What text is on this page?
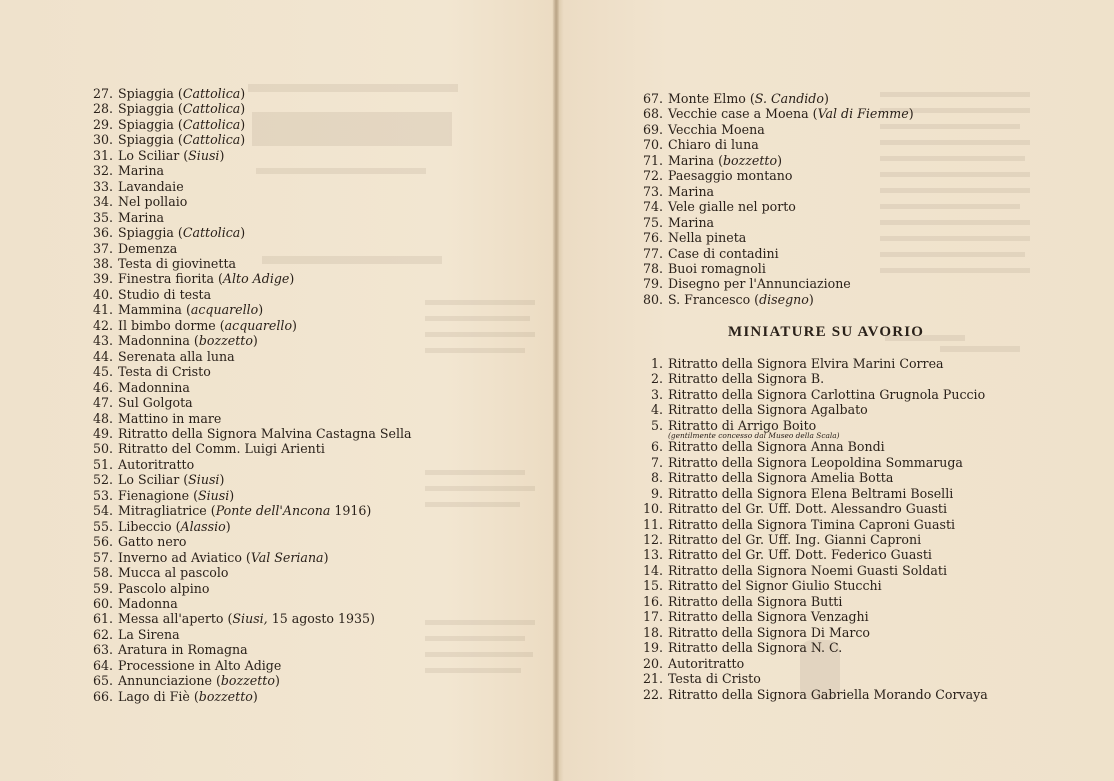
27. Spiaggia (Cattolica)
28. Spiaggia (Cattolica)
29. Spiaggia (Cattolica)
30. Spiaggia (Cattolica)
31. Lo Sciliar (Siusi)
32. Marina
33. Lavandaie
34. Nel pollaio
35. Marina
36. Spiaggia (Cattolica)
37. Demenza
38. Testa di giovinetta
39. Finestra fiorita (Alto Adige)
40. Studio di testa
41. Mammina (acquarello)
42. Il bimbo dorme (acquarello)
43. Madonnina (bozzetto)
44. Serenata alla luna
45. Testa di Cristo
46. Madonnina
47. Sul Golgota
48. Mattino in mare
49. Ritratto della Signora Malvina Castagna Sella
50. Ritratto del Comm. Luigi Arienti
51. Autoritratto
52. Lo Sciliar (Siusi)
53. Fienagione (Siusi)
54. Mitragliatrice (Ponte dell'Ancona 1916)
55. Libeccio (Alassio)
56. Gatto nero
57. Inverno ad Aviatico (Val Seriana)
58. Mucca al pascolo
59. Pascolo alpino
60. Madonna
61. Messa all'aperto (Siusi, 15 agosto 1935)
62. La Sirena
63. Aratura in Romagna
64. Processione in Alto Adige
65. Annunciazione (bozzetto)
66. Lago di Fiè (bozzetto)
67. Monte Elmo (S. Candido)
68. Vecchie case a Moena (Val di Fiemme)
69. Vecchia Moena
70. Chiaro di luna
71. Marina (bozzetto)
72. Paesaggio montano
73. Marina
74. Vele gialle nel porto
75. Marina
76. Nella pineta
77. Case di contadini
78. Buoi romagnoli
79. Disegno per l'Annunciazione
80. S. Francesco (disegno)
MINIATURE SU AVORIO
1. Ritratto della Signora Elvira Marini Correa
2. Ritratto della Signora B.
3. Ritratto della Signora Carlottina Grugnola Puccio
4. Ritratto della Signora Agalbato
5. Ritratto di Arrigo Boito
(gentilmente concesso dal Museo della Scala)
6. Ritratto della Signora Anna Bondi
7. Ritratto della Signora Leopoldina Sommaruga
8. Ritratto della Signora Amelia Botta
9. Ritratto della Signora Elena Beltrami Boselli
10. Ritratto del Gr. Uff. Dott. Alessandro Guasti
11. Ritratto della Signora Timina Caproni Guasti
12. Ritratto del Gr. Uff. Ing. Gianni Caproni
13. Ritratto del Gr. Uff. Dott. Federico Guasti
14. Ritratto della Signora Noemi Guasti Soldati
15. Ritratto del Signor Giulio Stucchi
16. Ritratto della Signora Butti
17. Ritratto della Signora Venzaghi
18. Ritratto della Signora Di Marco
19. Ritratto della Signora N. C.
20. Autoritratto
21. Testa di Cristo
22. Ritratto della Signora Gabriella Morando Corvaya
